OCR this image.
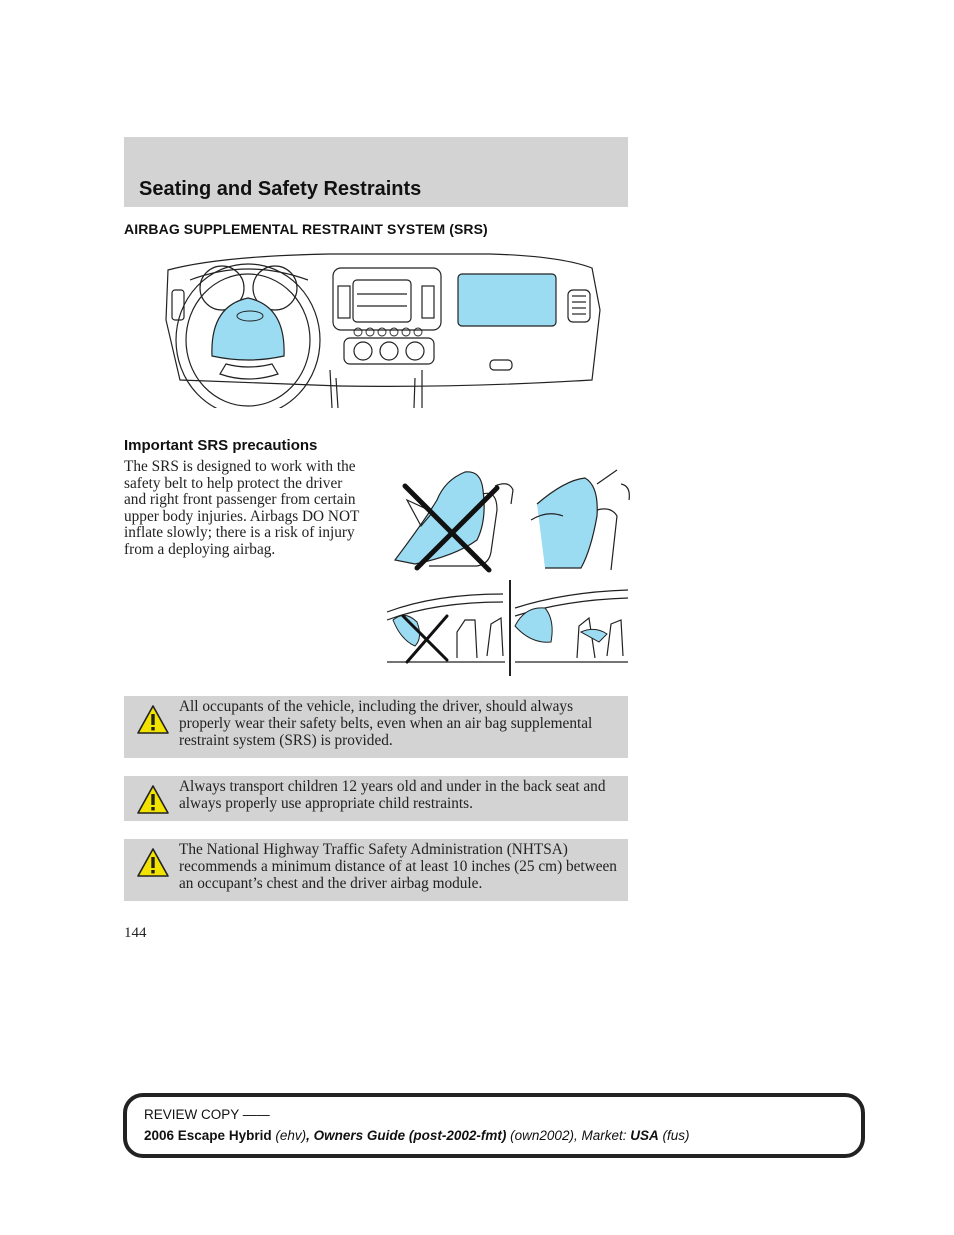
Seating and Safety Restraints
AIRBAG SUPPLEMENTAL RESTRAINT SYSTEM (SRS)
Important SRS precautions

The SRS is designed to work with the safety belt to help protect the driver and right front passenger from certain upper body injuries. Airbags DO NOT inflate slowly; there is a risk of injury from a deploying airbag.

All occupants of the vehicle, including the driver, should always properly wear their safety belts, even when an air bag supplemental restraint system (SRS) is provided.

Always transport children 12 years old and under in the back seat and always properly use appropriate child restraints.

The National Highway Traffic Safety Administration (NHTSA) recommends a minimum distance of at least 10 inches (25 cm) between an occupant’s chest and the driver airbag module.

144

REVIEW COPY ——

2006 Escape Hybrid (ehv), Owners Guide (post-2002-fmt) (own2002), Market: USA (fus)
